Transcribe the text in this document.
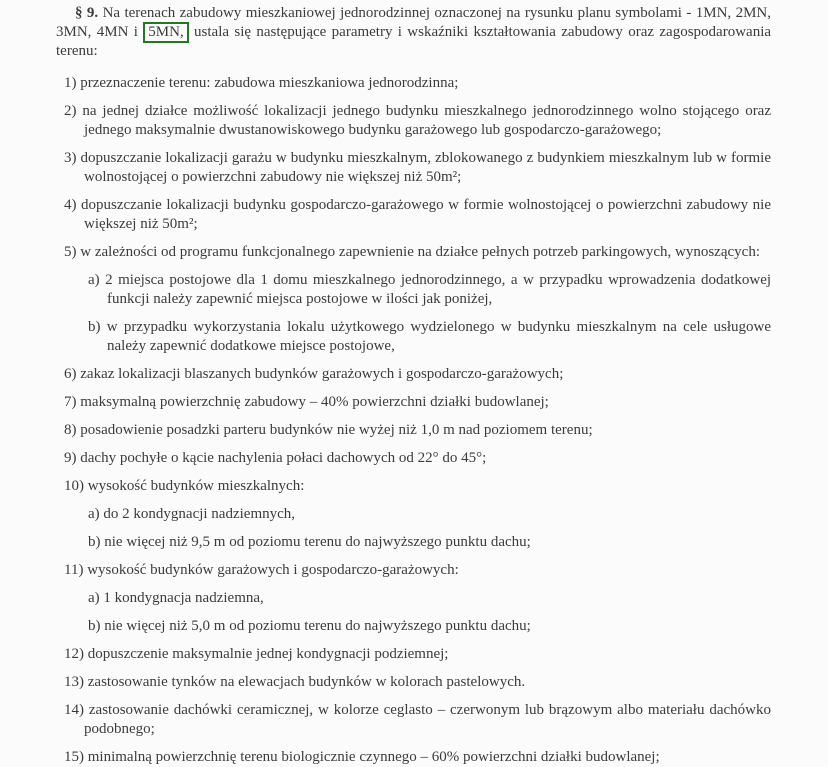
§ 9. Na terenach zabudowy mieszkaniowej jednorodzinnej oznaczonej na rysunku planu symbolami - 1MN, 2MN, 3MN, 4MN i 5MN, ustala się następujące parametry i wskaźniki kształtowania zabudowy oraz zagospodarowania terenu:

1) przeznaczenie terenu: zabudowa mieszkaniowa jednorodzinna;

2) na jednej działce możliwość lokalizacji jednego budynku mieszkalnego jednorodzinnego wolno stojącego oraz jednego maksymalnie dwustanowiskowego budynku garażowego lub gospodarczo-garażowego;

3) dopuszczanie lokalizacji garażu w budynku mieszkalnym, zblokowanego z budynkiem mieszkalnym lub w formie wolnostojącej o powierzchni zabudowy nie większej niż 50m²;

4) dopuszczanie lokalizacji budynku gospodarczo-garażowego w formie wolnostojącej o powierzchni zabudowy nie większej niż 50m²;

5) w zależności od programu funkcjonalnego zapewnienie na działce pełnych potrzeb parkingowych, wynoszących:

a) 2 miejsca postojowe dla 1 domu mieszkalnego jednorodzinnego, a w przypadku wprowadzenia dodatkowej funkcji należy zapewnić miejsca postojowe w ilości jak poniżej,

b) w przypadku wykorzystania lokalu użytkowego wydzielonego w budynku mieszkalnym na cele usługowe należy zapewnić dodatkowe miejsce postojowe,

6) zakaz lokalizacji blaszanych budynków garażowych i gospodarczo-garażowych;

7) maksymalną powierzchnię zabudowy – 40% powierzchni działki budowlanej;

8) posadowienie posadzki parteru budynków nie wyżej niż 1,0 m nad poziomem terenu;

9) dachy pochyłe o kącie nachylenia połaci dachowych od 22° do 45°;

10) wysokość budynków mieszkalnych:

a) do 2 kondygnacji nadziemnych,

b) nie więcej niż 9,5 m od poziomu terenu do najwyższego punktu dachu;

11) wysokość budynków garażowych i gospodarczo-garażowych:

a) 1 kondygnacja nadziemna,

b) nie więcej niż 5,0 m od poziomu terenu do najwyższego punktu dachu;

12) dopuszczenie maksymalnie jednej kondygnacji podziemnej;

13) zastosowanie tynków na elewacjach budynków w kolorach pastelowych.

14) zastosowanie dachówki ceramicznej, w kolorze ceglasto – czerwonym lub brązowym albo materiału dachówko podobnego;

15) minimalną powierzchnię terenu biologicznie czynnego – 60% powierzchni działki budowlanej;
